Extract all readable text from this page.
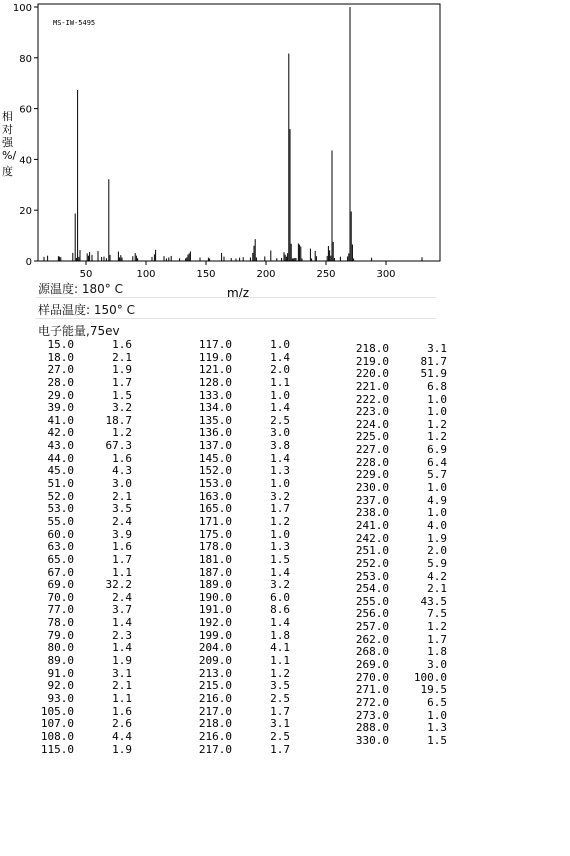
MS-IW-5495
0
20
40
60
80
100
50	100	150	200	250	300
相对强%/度
m/z
源温度: 180° C
样品温度: 150° C
电子能量,75ev
15.0	1.6
18.0	2.1
27.0	1.9
28.0	1.7
29.0	1.5
39.0	3.2
41.0	18.7
42.0	1.2
43.0	67.3
44.0	1.6
45.0	4.3
51.0	3.0
52.0	2.1
53.0	3.5
55.0	2.4
60.0	3.9
63.0	1.6
65.0	1.7
67.0	1.1
69.0	32.2
70.0	2.4
77.0	3.7
78.0	1.4
79.0	2.3
80.0	1.4
89.0	1.9
91.0	3.1
92.0	2.1
93.0	1.1
105.0	1.6
107.0	2.6
108.0	4.4
115.0	1.9
117.0	1.0
119.0	1.4
121.0	2.0
128.0	1.1
133.0	1.0
134.0	1.4
135.0	2.5
136.0	3.0
137.0	3.8
145.0	1.4
152.0	1.3
153.0	1.0
163.0	3.2
165.0	1.7
171.0	1.2
175.0	1.0
178.0	1.3
181.0	1.5
187.0	1.4
189.0	3.2
190.0	6.0
191.0	8.6
192.0	1.4
199.0	1.8
204.0	4.1
209.0	1.1
213.0	1.2
215.0	3.5
216.0	2.5
217.0	1.7
218.0	3.1
216.0	2.5
217.0	1.7
218.0	3.1
219.0	81.7
220.0	51.9
221.0	6.8
222.0	1.0
223.0	1.0
224.0	1.2
225.0	1.2
227.0	6.9
228.0	6.4
229.0	5.7
230.0	1.0
237.0	4.9
238.0	1.0
241.0	4.0
242.0	1.9
251.0	2.0
252.0	5.9
253.0	4.2
254.0	2.1
255.0	43.5
256.0	7.5
257.0	1.2
262.0	1.7
268.0	1.8
269.0	3.0
270.0 100.0
271.0	19.5
272.0	6.5
273.0	1.0
288.0	1.3
330.0	1.5
